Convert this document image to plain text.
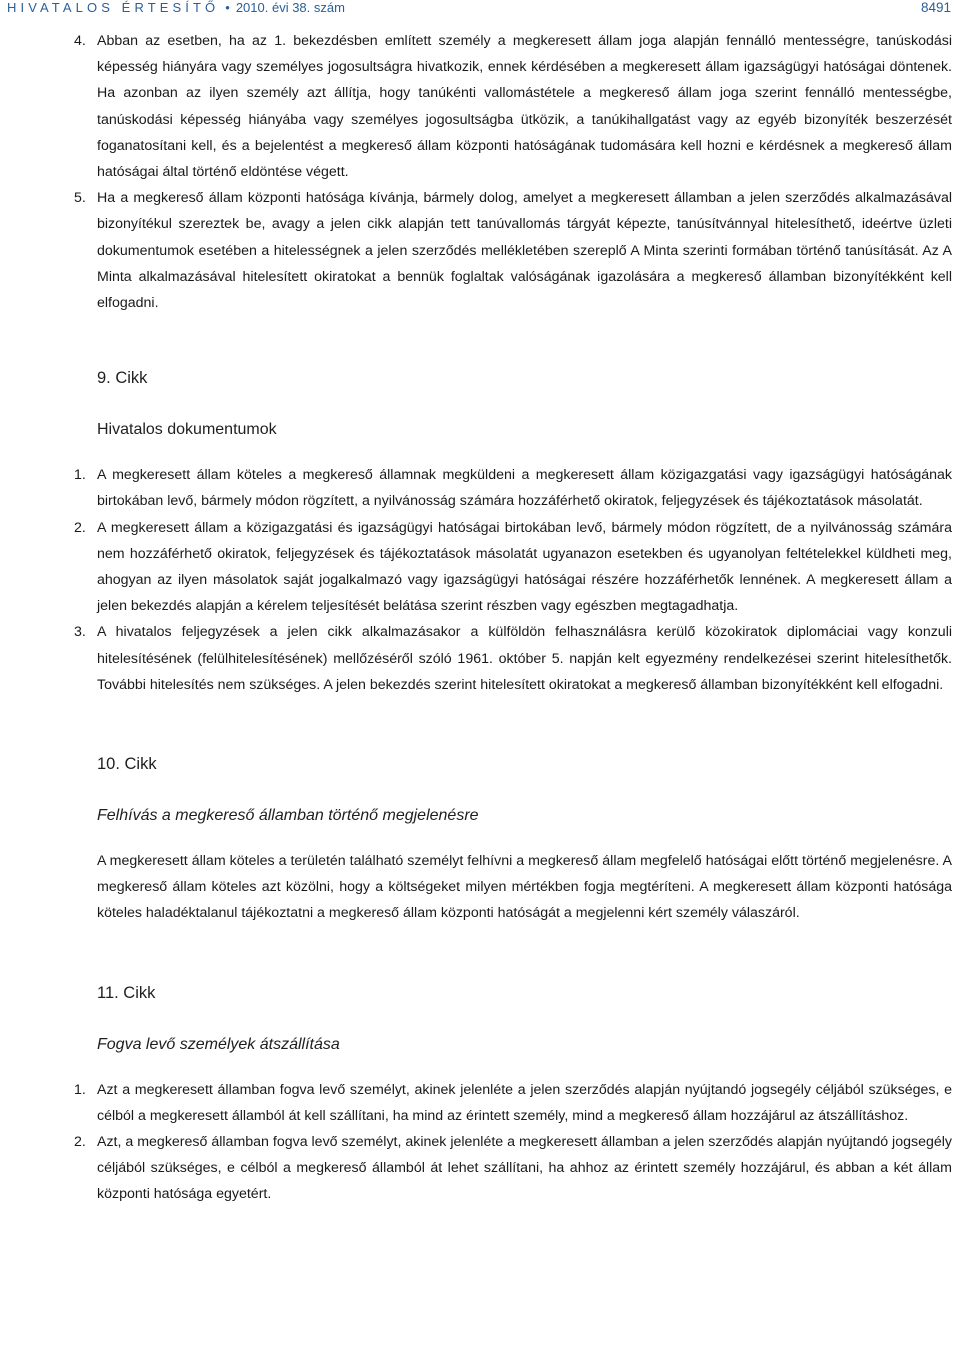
HIVATALOS ÉRTESÍTŐ • 2010. évi 38. szám	8491

4. Abban az esetben, ha az 1. bekezdésben említett személy a megkeresett állam joga alapján fennálló mentességre, tanúskodási képesség hiányára vagy személyes jogosultságra hivatkozik, ennek kérdésében a megkeresett állam igazságügyi hatóságai döntenek. Ha azonban az ilyen személy azt állítja, hogy tanúkénti vallomástétele a megkereső állam joga szerint fennálló mentességbe, tanúskodási képesség hiányába vagy személyes jogosultságba ütközik, a tanúkihallgatást vagy az egyéb bizonyíték beszerzését foganatosítani kell, és a bejelentést a megkereső állam központi hatóságának tudomására kell hozni e kérdésnek a megkereső állam hatóságai által történő eldöntése végett.

5. Ha a megkereső állam központi hatósága kívánja, bármely dolog, amelyet a megkeresett államban a jelen szerződés alkalmazásával bizonyítékul szereztek be, avagy a jelen cikk alapján tett tanúvallomás tárgyát képezte, tanúsítvánnyal hitelesíthető, ideértve üzleti dokumentumok esetében a hitelességnek a jelen szerződés mellékletében szereplő A Minta szerinti formában történő tanúsítását. Az A Minta alkalmazásával hitelesített okiratokat a bennük foglaltak valóságának igazolására a megkereső államban bizonyítékként kell elfogadni.

9. Cikk

Hivatalos dokumentumok

1. A megkeresett állam köteles a megkereső államnak megküldeni a megkeresett állam közigazgatási vagy igazságügyi hatóságának birtokában levő, bármely módon rögzített, a nyilvánosság számára hozzáférhető okiratok, feljegyzések és tájékoztatások másolatát.

2. A megkeresett állam a közigazgatási és igazságügyi hatóságai birtokában levő, bármely módon rögzített, de a nyilvánosság számára nem hozzáférhető okiratok, feljegyzések és tájékoztatások másolatát ugyanazon esetekben és ugyanolyan feltételekkel küldheti meg, ahogyan az ilyen másolatok saját jogalkalmazó vagy igazságügyi hatóságai részére hozzáférhetők lennének. A megkeresett állam a jelen bekezdés alapján a kérelem teljesítését belátása szerint részben vagy egészben megtagadhatja.

3. A hivatalos feljegyzések a jelen cikk alkalmazásakor a külföldön felhasználásra kerülő közokiratok diplomáciai vagy konzuli hitelesítésének (felülhitelesítésének) mellőzéséről szóló 1961. október 5. napján kelt egyezmény rendelkezései szerint hitelesíthetők. További hitelesítés nem szükséges. A jelen bekezdés szerint hitelesített okiratokat a megkereső államban bizonyítékként kell elfogadni.

10. Cikk

Felhívás a megkereső államban történő megjelenésre

A megkeresett állam köteles a területén található személyt felhívni a megkereső állam megfelelő hatóságai előtt történő megjelenésre. A megkereső állam köteles azt közölni, hogy a költségeket milyen mértékben fogja megtéríteni. A megkeresett állam központi hatósága köteles haladéktalanul tájékoztatni a megkereső állam központi hatóságát a megjelenni kért személy válaszáról.

11. Cikk

Fogva levő személyek átszállítása

1. Azt a megkeresett államban fogva levő személyt, akinek jelenléte a jelen szerződés alapján nyújtandó jogsegély céljából szükséges, e célból a megkeresett államból át kell szállítani, ha mind az érintett személy, mind a megkereső állam hozzájárul az átszállításhoz.

2. Azt, a megkereső államban fogva levő személyt, akinek jelenléte a megkeresett államban a jelen szerződés alapján nyújtandó jogsegély céljából szükséges, e célból a megkereső államból át lehet szállítani, ha ahhoz az érintett személy hozzájárul, és abban a két állam központi hatósága egyetért.
